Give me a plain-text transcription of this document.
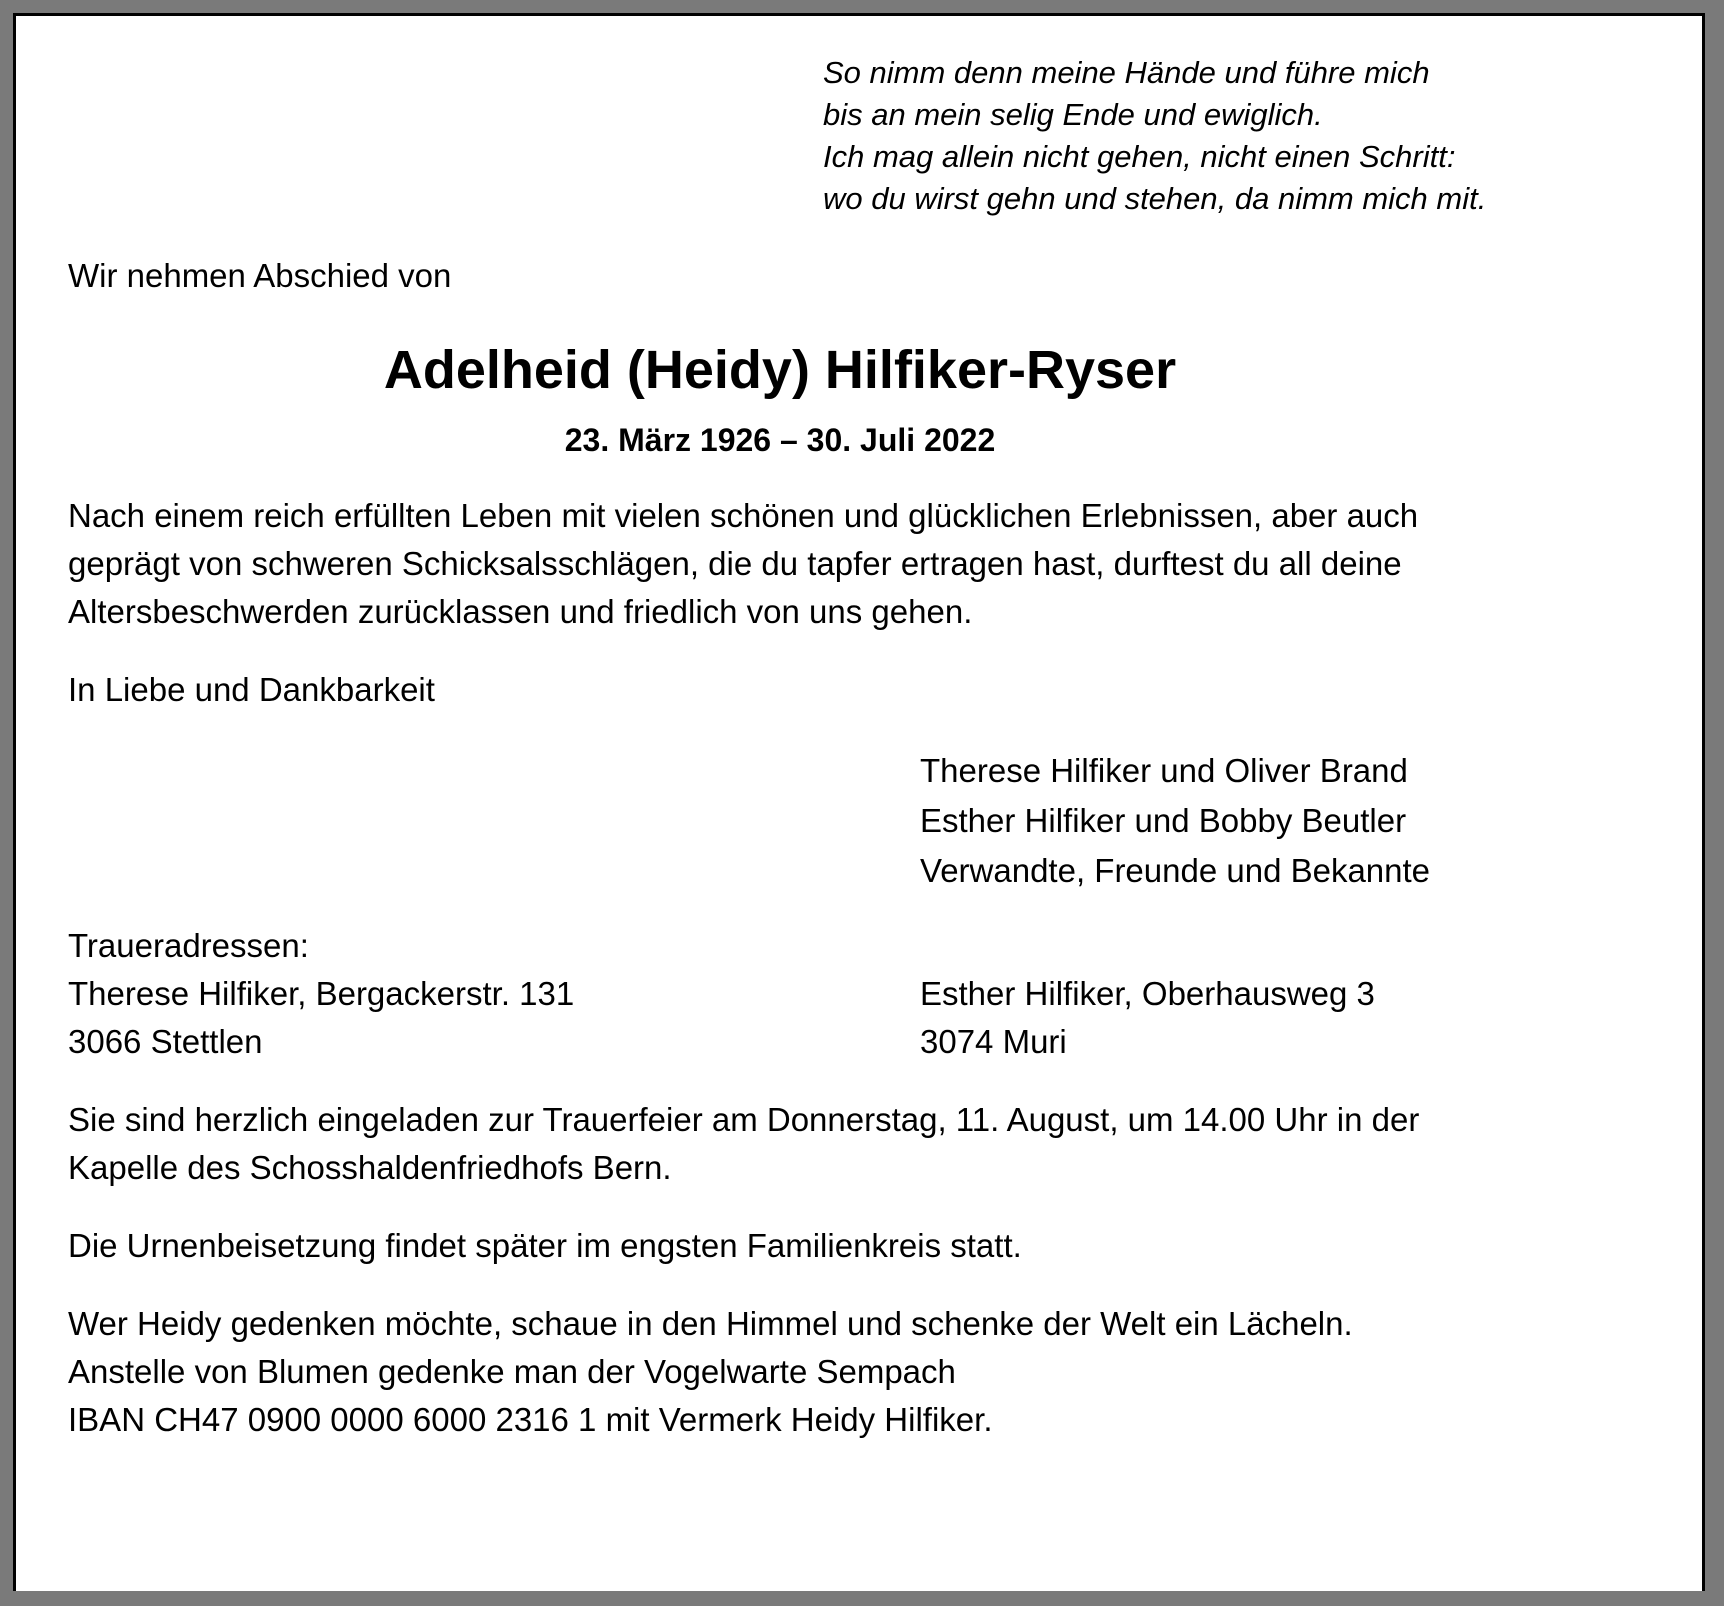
So nimm denn meine Hände und führe mich
bis an mein selig Ende und ewiglich.
Ich mag allein nicht gehen, nicht einen Schritt:
wo du wirst gehn und stehen, da nimm mich mit.
Wir nehmen Abschied von
Adelheid (Heidy) Hilfiker-Ryser
23. März 1926 – 30. Juli 2022
Nach einem reich erfüllten Leben mit vielen schönen und glücklichen Erlebnissen, aber auch
geprägt von schweren Schicksalsschlägen, die du tapfer ertragen hast, durftest du all deine
Altersbeschwerden zurücklassen und friedlich von uns gehen.
In Liebe und Dankbarkeit
Therese Hilfiker und Oliver Brand
Esther Hilfiker und Bobby Beutler
Verwandte, Freunde und Bekannte
Traueradressen:
Therese Hilfiker, Bergackerstr. 131	Esther Hilfiker, Oberhausweg 3
3066 Stettlen	3074 Muri
Sie sind herzlich eingeladen zur Trauerfeier am Donnerstag, 11. August, um 14.00 Uhr in der
Kapelle des Schosshaldenfriedhofs Bern.
Die Urnenbeisetzung findet später im engsten Familienkreis statt.
Wer Heidy gedenken möchte, schaue in den Himmel und schenke der Welt ein Lächeln.
Anstelle von Blumen gedenke man der Vogelwarte Sempach
IBAN CH47 0900 0000 6000 2316 1 mit Vermerk Heidy Hilfiker.
